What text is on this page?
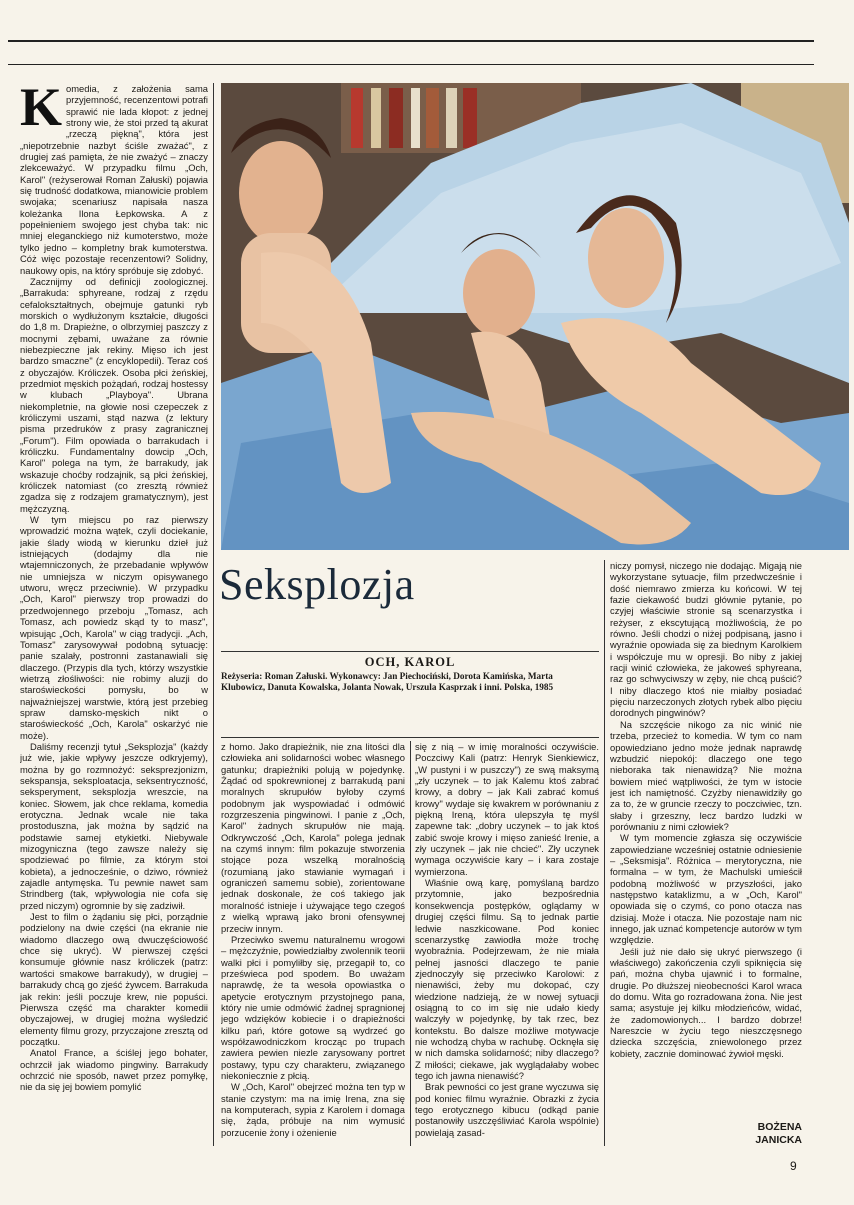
K omedia, z założenia sama przyjemność, recenzentowi potrafi sprawić nie lada kłopot: z jednej strony wie, że stoi przed tą akurat „rzeczą piękną", która jest „niepotrzebnie nazbyt ściśle zważać", z drugiej zaś pamięta, że nie zważyć – znaczy zlekceważyć. W przypadku filmu „Och, Karol" (reżyserował Roman Załuski) pojawia się trudność dodatkowa, mianowicie problem swojaka; scenariusz napisała nasza koleżanka Ilona Łepkowska. A z popełnieniem swojego jest chyba tak: nic mniej eleganckiego niż kumoterstwo, może tylko jedno – kompletny brak kumoterstwa. Cóż więc pozostaje recenzentowi? Solidny, naukowy opis, na który spróbuje się zdobyć.

Zacznijmy od definicji zoologicznej. „Barrakuda: sphyreane, rodzaj z rzędu cefalokształtnych, obejmuje gatunki ryb morskich o wydłużonym kształcie, długości do 1,8 m. Drapieżne, o olbrzymiej paszczy z mocnymi zębami, uważane za równie niebezpieczne jak rekiny. Mięso ich jest bardzo smaczne" (z encyklopedii). Teraz coś z obyczajów. Króliczek. Osoba płci żeńskiej, przedmiot męskich pożądań, rodzaj hostessy w klubach „Playboya". Ubrana niekompletnie, na głowie nosi czepeczek z króliczymi uszami, stąd nazwa (z lektury pisma przedruków z prasy zagranicznej „Forum"). Film opowiada o barrakudach i króliczku. Fundamentalny dowcip „Och, Karol" polega na tym, że barrakudy, jak wskazuje choćby rodzajnik, są płci żeńskiej, króliczek natomiast (co zresztą również zgadza się z rodzajem gramatycznym), jest mężczyzną.

W tym miejscu po raz pierwszy wprowadzić można wątek, czyli dociekanie, jakie ślady wiodą w kierunku dzieł już istniejących (dodajmy dla nie wtajemniczonych, że przebadanie wpływów nie umniejsza w niczym opisywanego utworu, wręcz przeciwnie). W przypadku „Och, Karol" pierwszy trop prowadzi do przedwojennego przeboju „Tomasz, ach Tomasz, ach powiedz skąd ty to masz", wpisując „Och, Karola" w ciąg tradycji. „Ach, Tomasz" zarysowywał podobną sytuację: panie szalały, postronni zastanawiali się dlaczego. (Przypis dla tych, którzy wszystkie wietrzą złośliwości: nie robimy aluzji do staroświeckości pomysłu, bo w najważniejszej warstwie, którą jest przebieg spraw damsko-męskich nikt o staroświeckość „Och, Karola" oskarżyć nie może).

Daliśmy recenzji tytuł „Seksplozja" (każdy już wie, jakie wpływy jeszcze odkryjemy), można by go rozmnożyć: seksprezjonizm, sekspansja, seksploatacja, seksentryczność, seksperyment, seksplozja wreszcie, na koniec. Słowem, jak chce reklama, komedia erotyczna. Jednak wcale nie taka prostoduszna, jak można by sądzić na podstawie samej etykietki. Niebywale mizogyniczna (tego zawsze należy się spodziewać po filmie, za którym stoi kobieta), a jednocześnie, o dziwo, również zajadle antymęska. Tu pewnie nawet sam Strindberg (tak, wpływologia nie cofa się przed niczym) ogromnie by się zadziwił.

Jest to film o żądaniu się płci, porządnie podzielony na dwie części (na ekranie nie wiadomo dlaczego ową dwuczęściowość chce się ukryć). W pierwszej części konsumuje głównie nasz króliczek (patrz: wartości smakowe barrakudy), w drugiej – barrakudy chcą go zjeść żywcem. Barrakuda jak rekin: jeśli poczuje krew, nie popuści. Pierwsza część ma charakter komedii obyczajowej, w drugiej można wyśledzić elementy filmu grozy, przyczajone zresztą od początku.

Anatol France, a ściślej jego bohater, ochrzcił jak wiadomo pingwiny. Barrakudy ochrzcić nie sposób, nawet przez pomyłkę, nie da się jej bowiem pomylić

Seksplozja
OCH, KAROL
Reżyseria: Roman Załuski. Wykonawcy: Jan Piechociński, Dorota Kamińska, Marta Klubowicz, Danuta Kowalska, Jolanta Nowak, Urszula Kasprzak i inni. Polska, 1985

z homo. Jako drapieżnik, nie zna litości dla człowieka ani solidarności wobec własnego gatunku; drapieżniki polują w pojedynkę. Żądać od spokrewnionej z barrakudą pani moralnych skrupułów byłoby czymś podobnym jak wyspowiadać i odmówić rozgrzeszenia pingwinowi. I panie z „Och, Karol" żadnych skrupułów nie mają. Odkrywczość „Och, Karola" polega jednak na czymś innym: film pokazuje stworzenia stojące poza wszelką moralnością (rozumianą jako stawianie wymagań i ograniczeń samemu sobie), zorientowane jednak doskonale, że coś takiego jak moralność istnieje i używające tego czegoś z wielką wprawą jako broni ofensywnej przeciw innym.

Przeciwko swemu naturalnemu wrogowi – mężczyźnie, powiedziałby zwolennik teorii walki płci i pomyliłby się, przegapił to, co prześwieca pod spodem. Bo uważam naprawdę, że ta wesoła opowiastka o apetycie erotycznym przystojnego pana, który nie umie odmówić żadnej spragnionej jego wdzięków kobiecie i o drapieżności kilku pań, które gotowe są wydrzeć go współzawodniczkom krocząc po trupach zawiera pewien niezle zarysowany portret postawy, typu czy charakteru, związanego niekoniecznie z płcią.

W „Och, Karol" obejrzeć można ten typ w stanie czystym: ma na imię Irena, zna się na komputerach, sypia z Karolem i domaga się, żąda, próbuje na nim wymusić porzucenie żony i ożenienie

się z nią – w imię moralności oczywiście. Poczciwy Kali (patrz: Henryk Sienkiewicz, „W pustyni i w puszczy") ze swą maksymą „zły uczynek – to jak Kalemu ktoś zabrać krowy, a dobry – jak Kali zabrać komuś krowy" wydaje się kwakrem w porównaniu z piękną Ireną, która ulepszyła tę myśl zapewne tak: „dobry uczynek – to jak ktoś zabić swoje krowy i mięso zanieść Irenie, a zły uczynek – jak nie chcieć". Zły uczynek wymaga oczywiście kary – i kara zostaje wymierzona.

Właśnie ową karę, pomyślaną bardzo przytomnie, jako bezpośrednia konsekwencja postępków, oglądamy w drugiej części filmu. Są to jednak partie ledwie naszkicowane. Pod koniec scenarzystkę zawiodła może trochę wyobraźnia. Podejrzewam, że nie miała pełnej jasności dlaczego te panie zjednoczyły się przeciwko Karolowi: z nienawiści, żeby mu dokopać, czy wiedzione nadzieją, że w nowej sytuacji osiągną to co im się nie udało kiedy walczyły w pojedynkę, by tak rzec, bez kontekstu. Bo dalsze możliwe motywacje nie wchodzą chyba w rachubę. Ocknęła się w nich damska solidarność; niby dlaczego? Z miłości; ciekawe, jak wyglądałaby wobec tego ich jawna nienawiść?

Brak pewności co jest grane wyczuwa się pod koniec filmu wyraźnie. Obrazki z życia tego erotycznego kibucu (odkąd panie postanowiły uszczęśliwiać Karola wspólnie) powielają zasad-

niczy pomysł, niczego nie dodając. Migają nie wykorzystane sytuacje, film przedwcześnie i dość niemrawo zmierza ku końcowi. W tej fazie ciekawość budzi głównie pytanie, po czyjej właściwie stronie są scenarzystka i reżyser, z ekscytującą możliwością, że po równo. Jeśli chodzi o niżej podpisaną, jasno i wyraźnie opowiada się za biednym Karolkiem i współczuje mu w opresji. Bo niby z jakiej racji winić człowieka, że jakoweś sphyreana, raz go schwyciwszy w zęby, nie chcą puścić? I niby dlaczego ktoś nie miałby posiadać pięciu narzeczonych złotych rybek albo pięciu dorodnych pingwinów?

Na szczęście nikogo za nic winić nie trzeba, przecież to komedia. W tym co nam opowiedziano jedno może jednak naprawdę wzbudzić niepokój: dlaczego one tego nieboraka tak nienawidzą? Nie można bowiem mieć wątpliwości, że tym w istocie jest ich namiętność. Czyżby nienawidziły go za to, że w gruncie rzeczy to poczciwiec, tzn. słaby i grzeszny, lecz bardzo ludzki w porównaniu z nimi człowiek?

W tym momencie zgłasza się oczywiście zapowiedziane wcześniej ostatnie odniesienie – „Seksmisja". Różnica – merytoryczna, nie formalna – w tym, że Machulski umieścił podobną możliwość w przyszłości, jako następstwo kataklizmu, a w „Och, Karol" opowiada się o czymś, co pono otacza nas dzisiaj. Może i otacza. Nie pozostaje nam nic innego, jak uznać kompetencje autorów w tym względzie.

Jeśli już nie dało się ukryć pierwszego (i właściwego) zakończenia czyli spiknięcia się pań, można chyba ujawnić i to formalne, drugie. Po dłuższej nieobecności Karol wraca do domu. Wita go rozradowana żona. Nie jest sama; asystuje jej kilku młodzieńców, widać, że zadomowionych... I bardzo dobrze! Nareszcie w życiu tego nieszczęsnego dziecka szczęścia, zniewolonego przez kobiety, zacznie dominować żywioł męski.

BOŻENA
JANICKA
9
